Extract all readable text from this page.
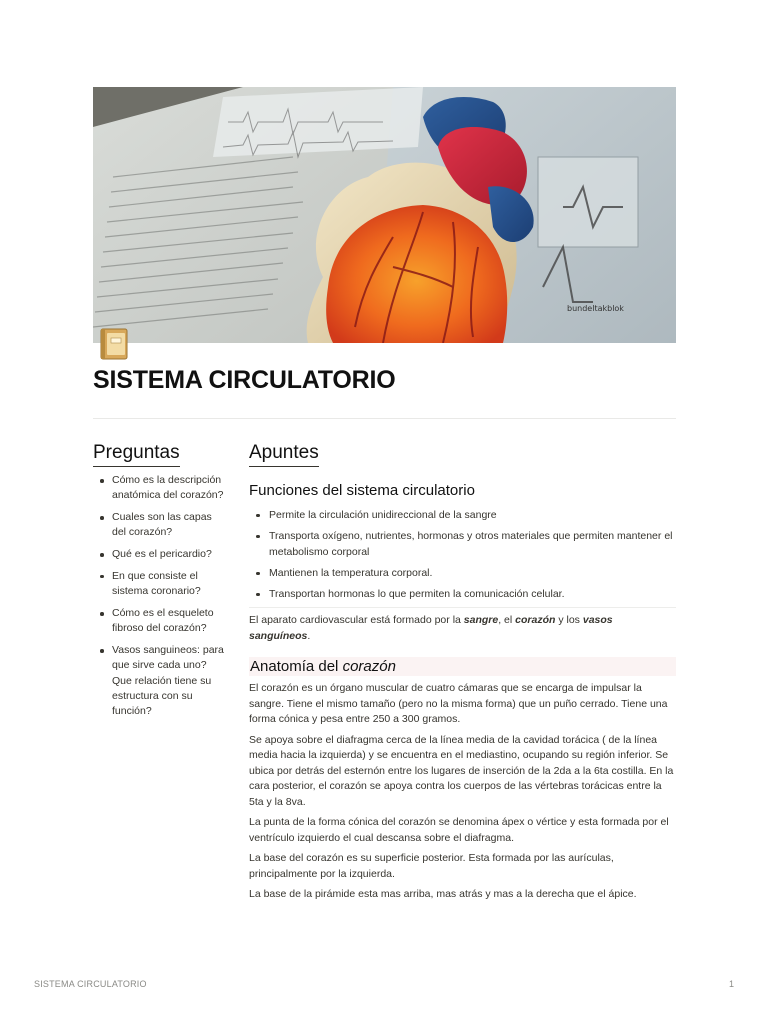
bundeltakblok
SISTEMA CIRCULATORIO
Preguntas
Cómo es la descripción anatómica del corazón?
Cuales son las capas del corazón?
Qué es el pericardio?
En que consiste el sistema coronario?
Cómo es el esqueleto fibroso del corazón?
Vasos sanguineos: para que sirve cada uno? Que relación tiene su estructura con su función?
Apuntes
Funciones del sistema circulatorio
Permite la circulación unidireccional de la sangre
Transporta oxígeno, nutrientes, hormonas y otros materiales que permiten mantener el metabolismo corporal
Mantienen la temperatura corporal.
Transportan hormonas lo que permiten la comunicación celular.

El aparato cardiovascular está formado por la sangre, el corazón y los vasos sanguíneos.

Anatomía del corazón

El corazón es un órgano muscular de cuatro cámaras que se encarga de impulsar la sangre. Tiene el mismo tamaño (pero no la misma forma) que un puño cerrado. Tiene una forma cónica y pesa entre 250 a 300 gramos.

Se apoya sobre el diafragma cerca de la línea media de la cavidad torácica ( de la línea media hacia la izquierda) y se encuentra en el mediastino, ocupando su región inferior. Se ubica por detrás del esternón entre los lugares de inserción de la 2da a la 6ta costilla. En la cara posterior, el corazón se apoya contra los cuerpos de las vértebras torácicas entre la 5ta y la 8va.

La punta de la forma cónica del corazón se denomina ápex o vértice y esta formada por el ventrículo izquierdo el cual descansa sobre el diafragma.

La base del corazón es su superficie posterior. Esta formada por las aurículas, principalmente por la izquierda.

La base de la pirámide esta mas arriba, mas atrás y mas a la derecha que el ápice.

SISTEMA CIRCULATORIO	1
